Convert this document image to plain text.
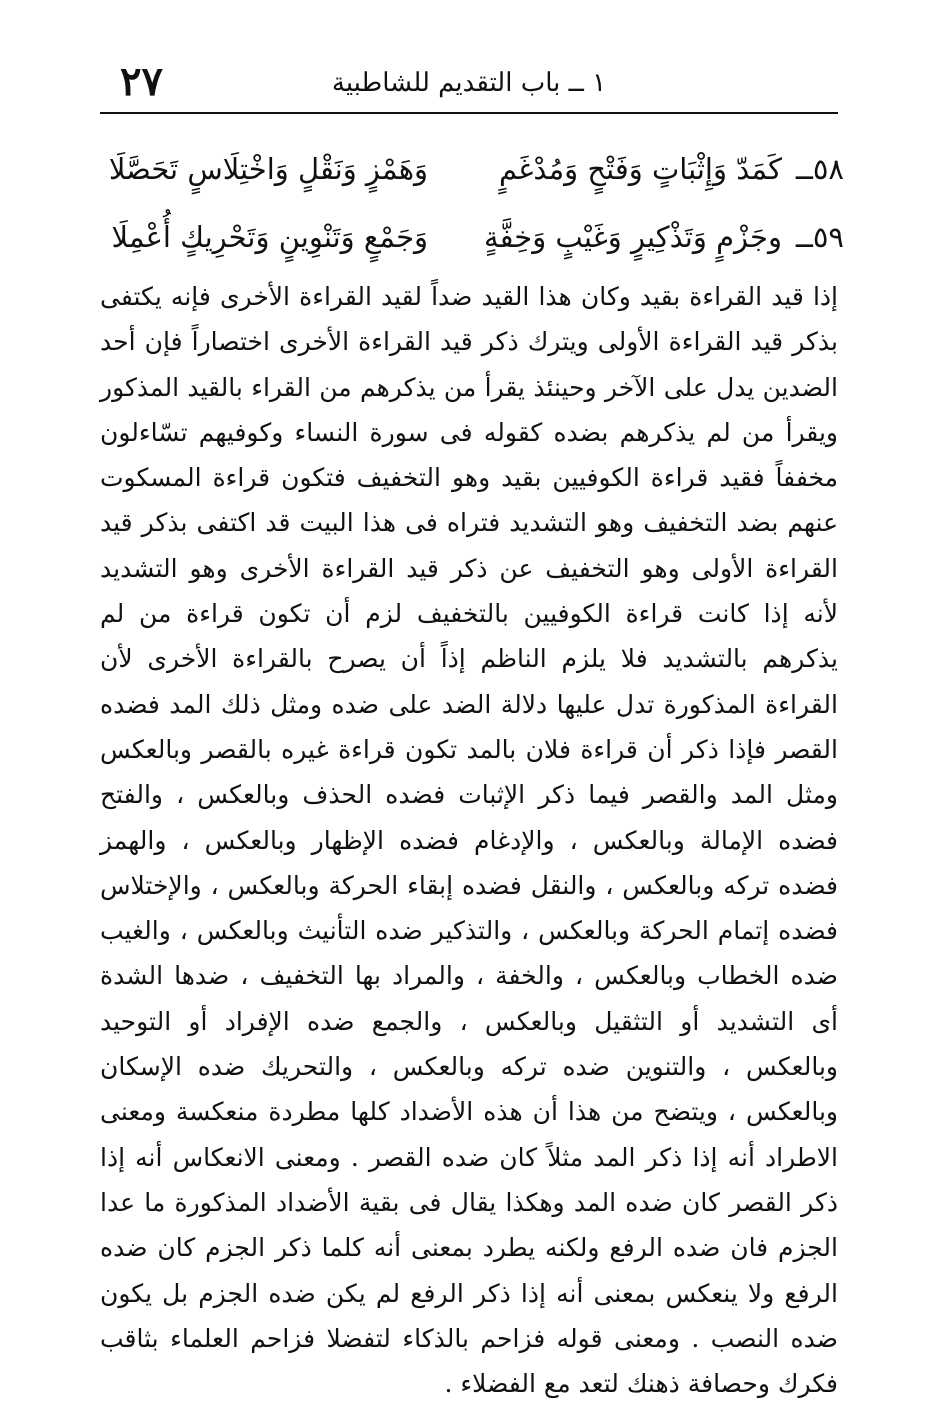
٢٧	١ ــ باب التقديم للشاطبية
٥٨ــ
كَمَدّ وَإِثْبَاتٍ وَفَتْحٍ وَمُدْغَمٍ
وَهَمْزٍ وَنَقْلٍ وَاخْتِلَاسٍ تَحَصَّلَا
٥٩ــ
وجَزْمٍ وَتَذْكِيرٍ وَغَيْبٍ وَخِفَّةٍ
وَجَمْعٍ وَتَنْوِينٍ وَتَحْرِيكٍ أُعْمِلَا

إذا قيد القراءة بقيد وكان هذا القيد ضداً لقيد القراءة الأخرى فإنه يكتفى بذكر قيد القراءة الأولى ويترك ذكر قيد القراءة الأخرى اختصاراً فإن أحد الضدين يدل على الآخر وحينئذ يقرأ من يذكرهم من القراء بالقيد المذكور ويقرأ من لم يذكرهم بضده كقوله فى سورة النساء وكوفيهم تسّاءلون مخففاً فقيد قراءة الكوفيين بقيد وهو التخفيف فتكون قراءة المسكوت عنهم بضد التخفيف وهو التشديد فتراه فى هذا البيت قد اكتفى بذكر قيد القراءة الأولى وهو التخفيف عن ذكر قيد القراءة الأخرى وهو التشديد لأنه إذا كانت قراءة الكوفيين بالتخفيف لزم أن تكون قراءة من لم يذكرهم بالتشديد فلا يلزم الناظم إذاً أن يصرح بالقراءة الأخرى لأن القراءة المذكورة تدل عليها دلالة الضد على ضده ومثل ذلك المد فضده القصر فإذا ذكر أن قراءة فلان بالمد تكون قراءة غيره بالقصر وبالعكس ومثل المد والقصر فيما ذكر الإثبات فضده الحذف وبالعكس ، والفتح فضده الإمالة وبالعكس ، والإدغام فضده الإظهار وبالعكس ، والهمز فضده تركه وبالعكس ، والنقل فضده إبقاء الحركة وبالعكس ، والإختلاس فضده إتمام الحركة وبالعكس ، والتذكير ضده التأنيث وبالعكس ، والغيب ضده الخطاب وبالعكس ، والخفة ، والمراد بها التخفيف ، ضدها الشدة أى التشديد أو التثقيل وبالعكس ، والجمع ضده الإفراد أو التوحيد وبالعكس ، والتنوين ضده تركه وبالعكس ، والتحريك ضده الإسكان وبالعكس ، ويتضح من هذا أن هذه الأضداد كلها مطردة منعكسة ومعنى الاطراد أنه إذا ذكر المد مثلاً كان ضده القصر . ومعنى الانعكاس أنه إذا ذكر القصر كان ضده المد وهكذا يقال فى بقية الأضداد المذكورة ما عدا الجزم فان ضده الرفع ولكنه يطرد بمعنى أنه كلما ذكر الجزم كان ضده الرفع ولا ينعكس بمعنى أنه إذا ذكر الرفع لم يكن ضده الجزم بل يكون ضده النصب . ومعنى قوله فزاحم بالذكاء لتفضلا فزاحم العلماء بثاقب فكرك وحصافة ذهنك لتعد مع الفضلاء .
